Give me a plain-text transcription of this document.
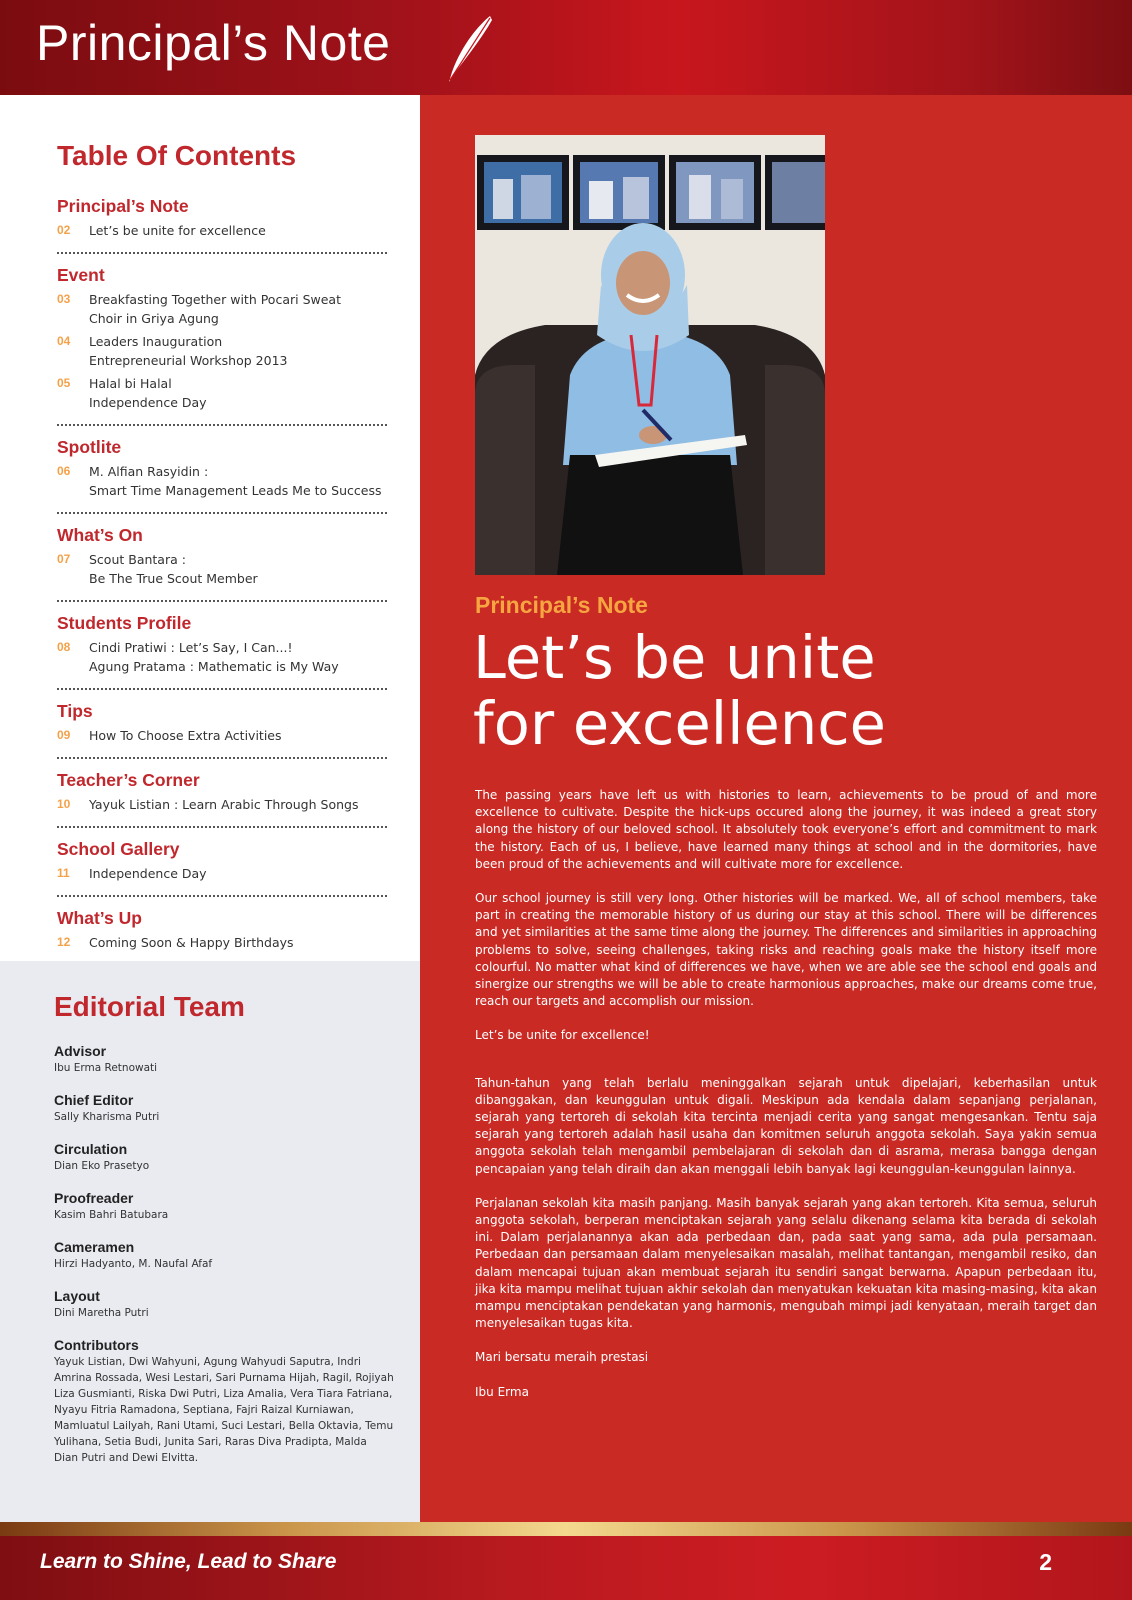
Principal’s Note
Table Of Contents
Principal’s Note
02	Let’s be unite for excellence
Event
03	Breakfasting Together with Pocari Sweat
Choir in Griya Agung
04	Leaders Inauguration
Entrepreneurial Workshop 2013
05	Halal bi Halal
Independence Day
Spotlite
06	M. Alfian Rasyidin :
Smart Time Management Leads Me to Success
What’s On
07	Scout Bantara :
Be The True Scout Member
Students Profile
08	Cindi Pratiwi : Let’s Say, I Can...!
Agung Pratama : Mathematic is My Way
Tips
09	How To Choose Extra Activities
Teacher’s Corner
10	Yayuk Listian : Learn Arabic Through Songs
School Gallery
11	Independence Day
What’s Up
12	Coming Soon & Happy Birthdays
Editorial Team
Advisor
Ibu Erma Retnowati
Chief Editor
Sally Kharisma Putri
Circulation
Dian Eko Prasetyo
Proofreader
Kasim Bahri Batubara
Cameramen
Hirzi Hadyanto, M. Naufal Afaf
Layout
Dini Maretha Putri
Contributors
Yayuk Listian, Dwi Wahyuni, Agung Wahyudi Saputra, Indri Amrina Rossada, Wesi Lestari, Sari Purnama Hijah, Ragil, Rojiyah Liza Gusmianti, Riska Dwi Putri, Liza Amalia, Vera Tiara Fatriana, Nyayu Fitria Ramadona, Septiana, Fajri Raizal Kurniawan, Mamluatul Lailyah, Rani Utami, Suci Lestari, Bella Oktavia, Temu Yulihana, Setia Budi, Junita Sari, Raras Diva Pradipta, Malda Dian Putri and Dewi Elvitta.
Principal’s Note
Let’s be unite
for excellence

The passing years have left us with histories to learn, achievements to be proud of and more excellence to cultivate. Despite the hick-ups occured along the journey, it was indeed a great story along the history of our beloved school. It absolutely took everyone’s effort and commitment to mark the history. Each of us, I believe, have learned many things at school and in the dormitories, have been proud of the achievements and will cultivate more for excellence.

Our school journey is still very long. Other histories will be marked. We, all of school members, take part in creating the memorable history of us during our stay at this school. There will be differences and yet similarities at the same time along the journey. The differences and similarities in approaching problems to solve, seeing challenges, taking risks and reaching goals make the history itself more colourful. No matter what kind of differences we have, when we are able see the school end goals and sinergize our strengths we will be able to create harmonious approaches, make our dreams come true, reach our targets and accomplish our mission.

Let’s be unite for excellence!

Tahun-tahun yang telah berlalu meninggalkan sejarah untuk dipelajari, keberhasilan untuk dibanggakan, dan keunggulan untuk digali. Meskipun ada kendala dalam sepanjang perjalanan, sejarah yang tertoreh di sekolah kita tercinta menjadi cerita yang sangat mengesankan. Tentu saja sejarah yang tertoreh adalah hasil usaha dan komitmen seluruh anggota sekolah. Saya yakin semua anggota sekolah telah mengambil pembelajaran di sekolah dan di asrama, merasa bangga dengan pencapaian yang telah diraih dan akan menggali lebih banyak lagi keunggulan-keunggulan lainnya.

Perjalanan sekolah kita masih panjang. Masih banyak sejarah yang akan tertoreh. Kita semua, seluruh anggota sekolah, berperan menciptakan sejarah yang selalu dikenang selama kita berada di sekolah ini. Dalam perjalanannya akan ada perbedaan dan, pada saat yang sama, ada pula persamaan. Perbedaan dan persamaan dalam menyelesaikan masalah, melihat tantangan, mengambil resiko, dan dalam mencapai tujuan akan membuat sejarah itu sendiri sangat berwarna. Apapun perbedaan itu, jika kita mampu melihat tujuan akhir sekolah dan menyatukan kekuatan kita masing-masing, kita akan mampu menciptakan pendekatan yang harmonis, mengubah mimpi jadi kenyataan, meraih target dan menyelesaikan tugas kita.

Mari bersatu meraih prestasi

Ibu Erma

Learn to Shine, Lead to Share	2
